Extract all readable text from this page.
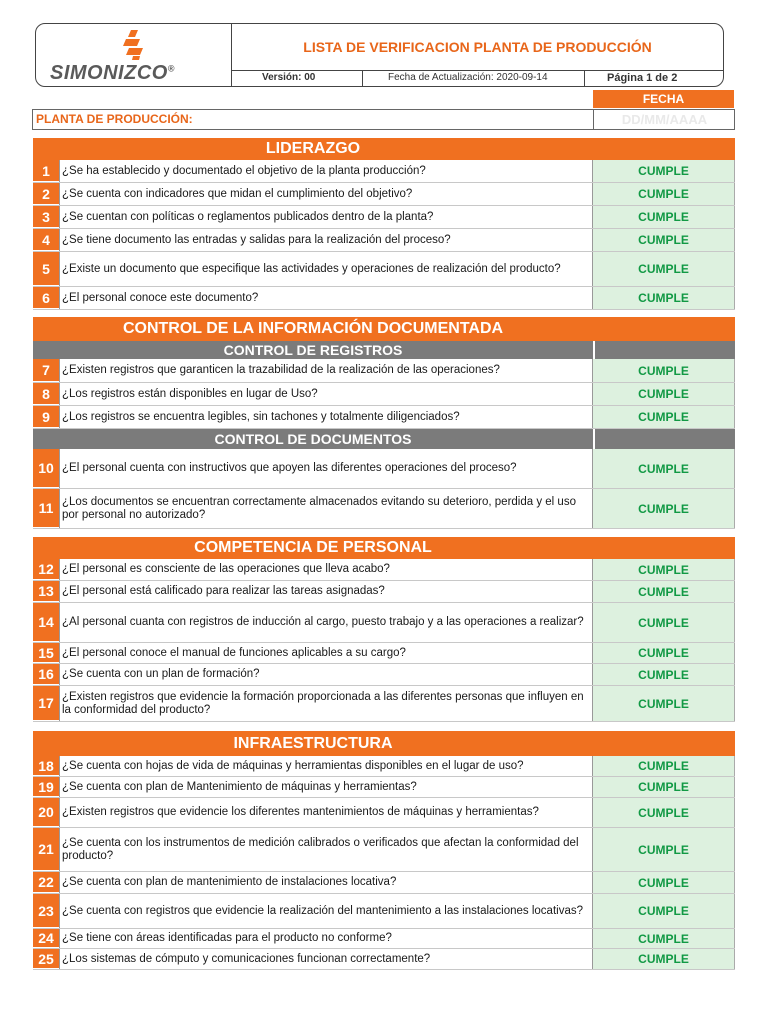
SIMONIZCO®
LISTA DE VERIFICACION PLANTA DE PRODUCCIÓN
Versión: 00	Fecha de Actualización: 2020-09-14	Página 1 de 2
FECHA
PLANTA DE PRODUCCIÓN:	DD/MM/AAAA
LIDERAZGO
1	¿Se ha establecido y documentado el objetivo de la planta producción?	CUMPLE
2	¿Se cuenta con indicadores que midan el cumplimiento del objetivo?	CUMPLE
3	¿Se cuentan con políticas o reglamentos publicados dentro de la planta?	CUMPLE
4	¿Se tiene documento las entradas y salidas para la realización del proceso?	CUMPLE
5	¿Existe un documento que especifique las actividades y operaciones de realización del producto?	CUMPLE
6	¿El personal conoce este documento?	CUMPLE
CONTROL DE LA INFORMACIÓN DOCUMENTADA
CONTROL DE REGISTROS
7	¿Existen registros que garanticen la trazabilidad de la realización de las operaciones?	CUMPLE
8	¿Los registros están disponibles en lugar de Uso?	CUMPLE
9	¿Los registros se encuentra legibles, sin tachones y totalmente diligenciados?	CUMPLE
CONTROL DE DOCUMENTOS
10 ¿El personal cuenta con instructivos que apoyen las diferentes operaciones del proceso?	CUMPLE
11 ¿Los documentos se encuentran correctamente almacenados evitando su deterioro, perdida y el uso por personal no autorizado?	CUMPLE
COMPETENCIA DE PERSONAL
12 ¿El personal es consciente de las operaciones que lleva acabo?	CUMPLE
13 ¿El personal está calificado para realizar las tareas asignadas?	CUMPLE
14 ¿Al personal cuanta con registros de inducción al cargo, puesto trabajo y a las operaciones a realizar?	CUMPLE
15 ¿El personal conoce el manual de funciones aplicables a su cargo?	CUMPLE
16 ¿Se cuenta con un plan de formación?	CUMPLE
17 ¿Existen registros que evidencie la formación proporcionada a las diferentes personas que influyen en la conformidad del producto?	CUMPLE
INFRAESTRUCTURA
18 ¿Se cuenta con hojas de vida de máquinas y herramientas disponibles en el lugar de uso?	CUMPLE
19 ¿Se cuenta con plan de Mantenimiento de máquinas y herramientas?	CUMPLE
20 ¿Existen registros que evidencie los diferentes mantenimientos de máquinas y herramientas?	CUMPLE
21 ¿Se cuenta con los instrumentos de medición calibrados o verificados que afectan la conformidad del producto?	CUMPLE
22 ¿Se cuenta con plan de mantenimiento de instalaciones locativa?	CUMPLE
23 ¿Se cuenta con registros que evidencie la realización del mantenimiento a las instalaciones locativas?	CUMPLE
24 ¿Se tiene con áreas identificadas para el producto no conforme?	CUMPLE
25 ¿Los sistemas de cómputo y comunicaciones funcionan correctamente?	CUMPLE
